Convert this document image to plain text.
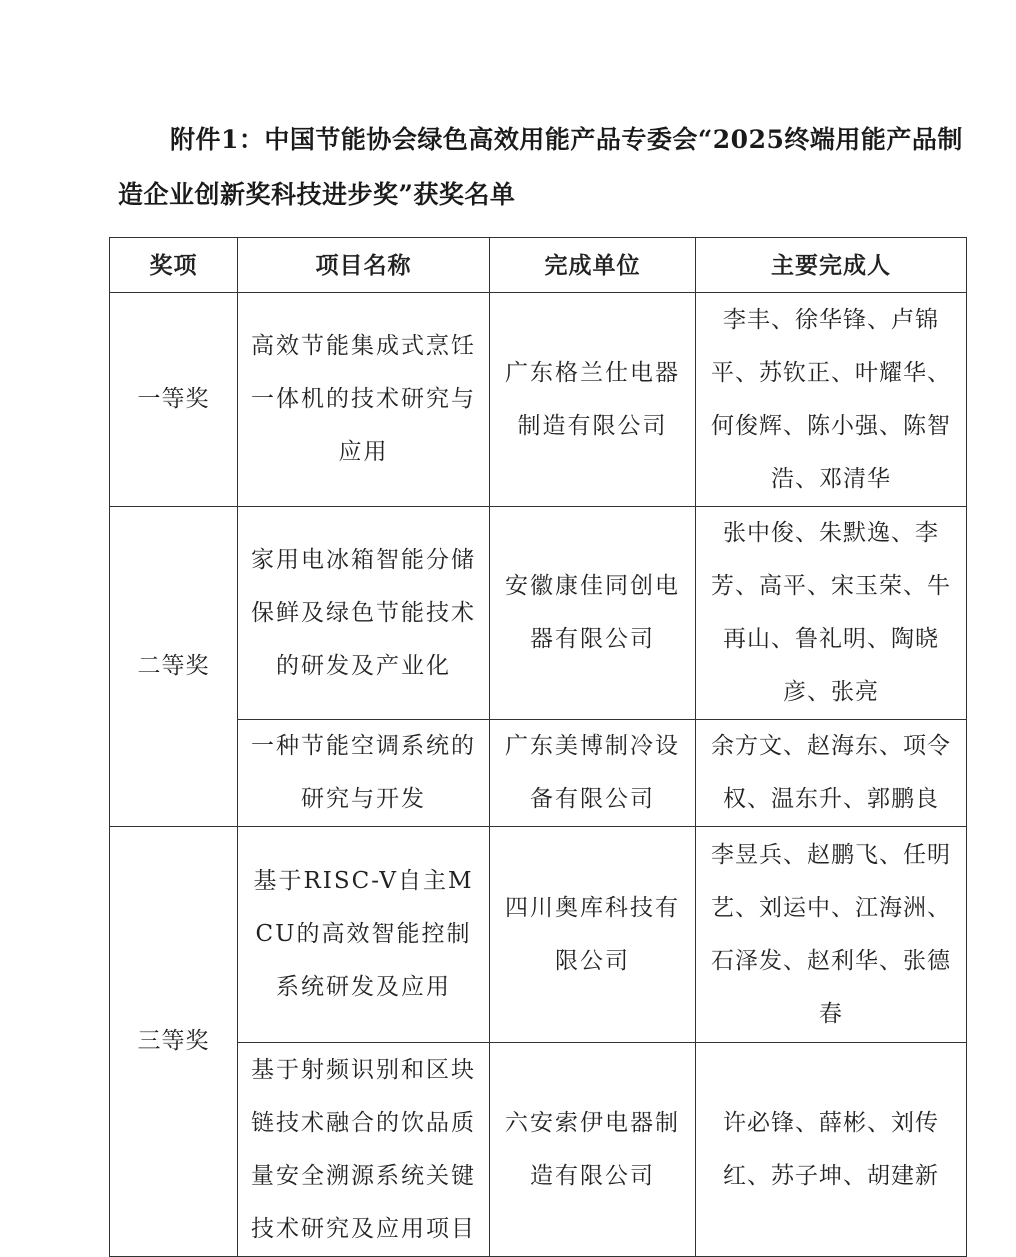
附件1：中国节能协会绿色高效用能产品专委会“2025终端用能产品制造企业创新奖科技进步奖”获奖名单
奖项	项目名称	完成单位	主要完成人
一等奖	高效节能集成式烹饪一体机的技术研究与应用	广东格兰仕电器制造有限公司	李丰、徐华锋、卢锦平、苏钦正、叶耀华、何俊辉、陈小强、陈智浩、邓清华
二等奖	家用电冰箱智能分储保鲜及绿色节能技术的研发及产业化	安徽康佳同创电器有限公司	张中俊、朱默逸、李芳、高平、宋玉荣、牛再山、鲁礼明、陶晓彦、张亮
	一种节能空调系统的研究与开发	广东美博制冷设备有限公司	余方文、赵海东、项令权、温东升、郭鹏良
三等奖	基于RISC-V自主MCU的高效智能控制系统研发及应用	四川奥库科技有限公司	李昱兵、赵鹏飞、任明艺、刘运中、江海洲、石泽发、赵利华、张德春
	基于射频识别和区块链技术融合的饮品质量安全溯源系统关键技术研究及应用项目	六安索伊电器制造有限公司	许必锋、薛彬、刘传红、苏子坤、胡建新
